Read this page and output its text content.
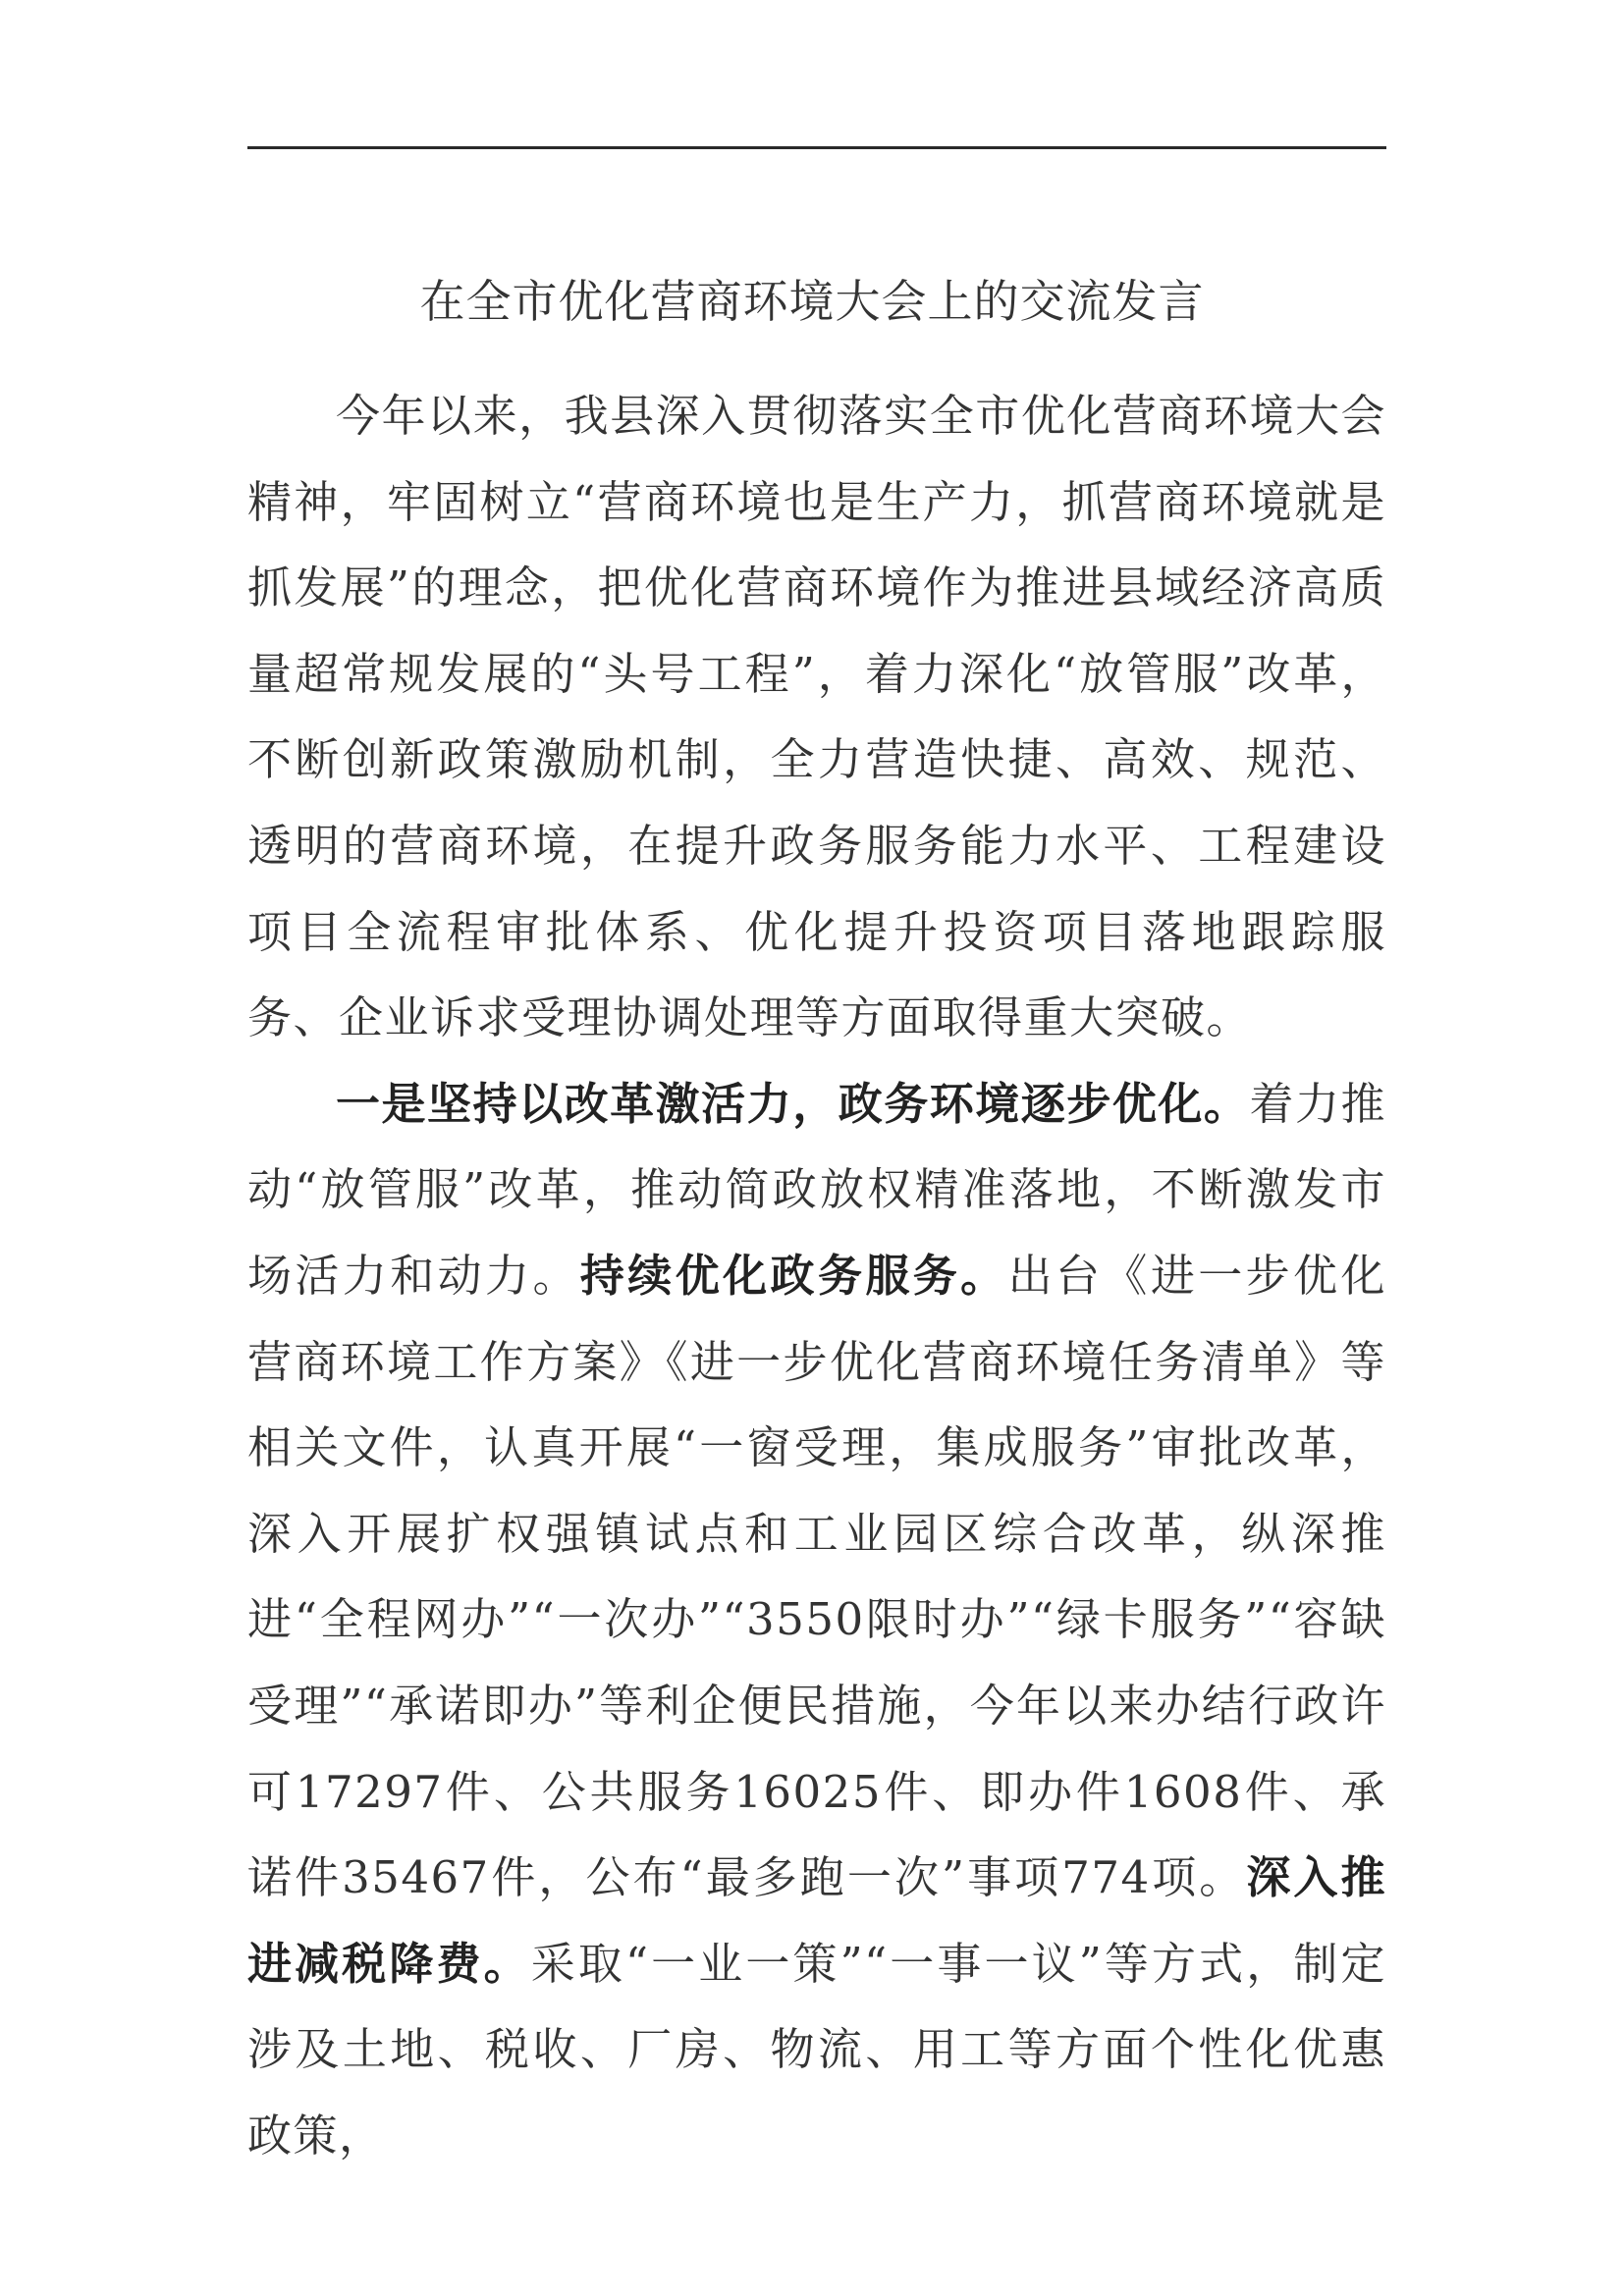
在全市优化营商环境大会上的交流发言

今年以来，我县深入贯彻落实全市优化营商环境大会精神，牢固树立“营商环境也是生产力，抓营商环境就是抓发展”的理念，把优化营商环境作为推进县域经济高质量超常规发展的“头号工程”，着力深化“放管服”改革，不断创新政策激励机制，全力营造快捷、高效、规范、透明的营商环境，在提升政务服务能力水平、工程建设项目全流程审批体系、优化提升投资项目落地跟踪服务、企业诉求受理协调处理等方面取得重大突破。

一是坚持以改革激活力，政务环境逐步优化。着力推动“放管服”改革，推动简政放权精准落地，不断激发市场活力和动力。持续优化政务服务。出台《进一步优化营商环境工作方案》《进一步优化营商环境任务清单》等相关文件，认真开展“一窗受理，集成服务”审批改革，深入开展扩权强镇试点和工业园区综合改革，纵深推进“全程网办”“一次办”“3550限时办”“绿卡服务”“容缺受理”“承诺即办”等利企便民措施，今年以来办结行政许可17297件、公共服务16025件、即办件1608件、承诺件35467件，公布“最多跑一次”事项774项。深入推进减税降费。采取“一业一策”“一事一议”等方式，制定涉及土地、税收、厂房、物流、用工等方面个性化优惠政策，
